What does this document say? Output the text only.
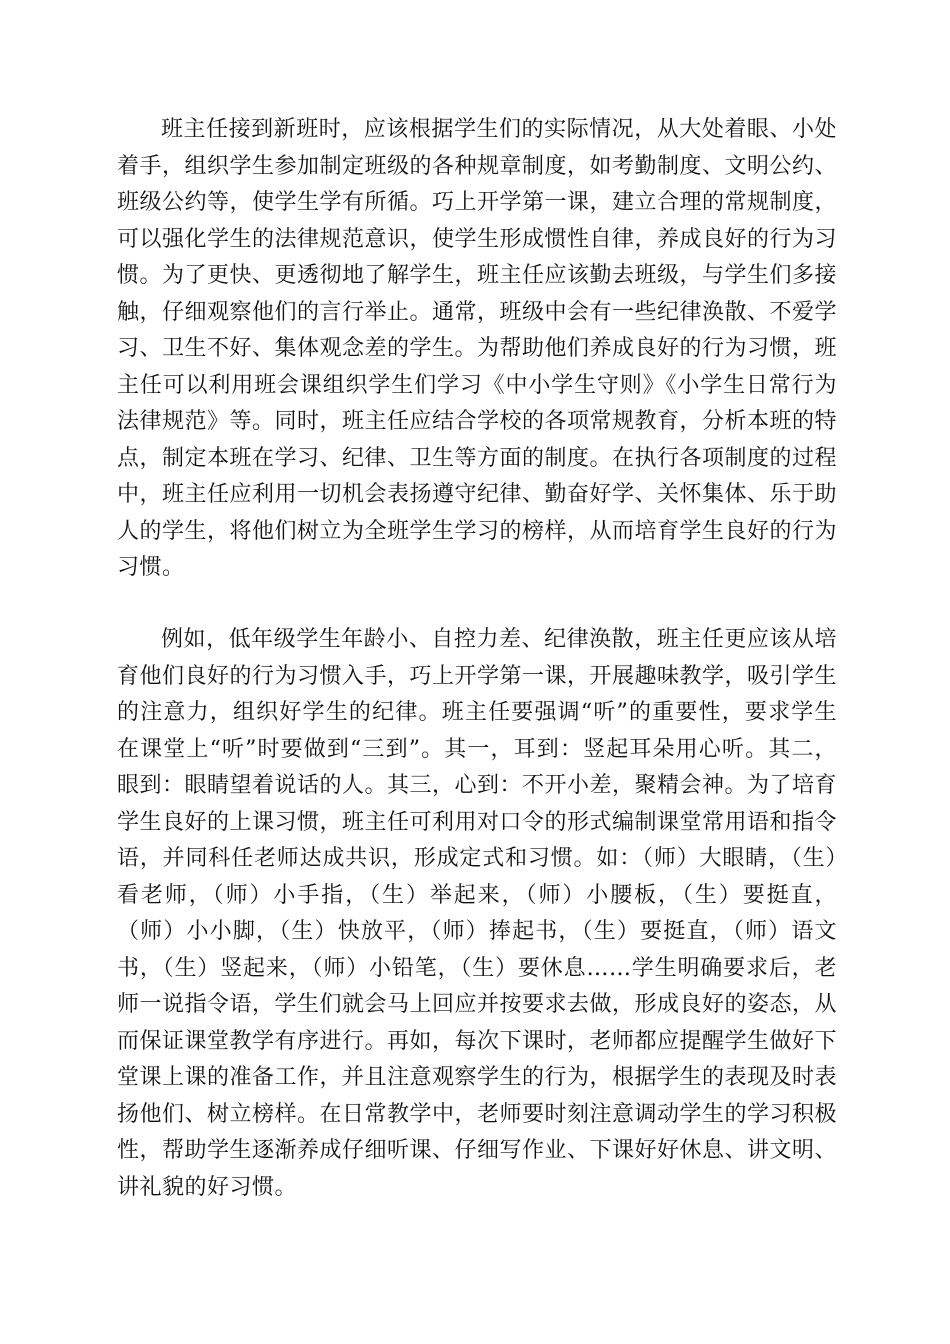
班主任接到新班时，应该根据学生们的实际情况，从大处着眼、小处着手，组织学生参加制定班级的各种规章制度，如考勤制度、文明公约、班级公约等，使学生学有所循。巧上开学第一课，建立合理的常规制度，可以强化学生的法律规范意识，使学生形成惯性自律，养成良好的行为习惯。为了更快、更透彻地了解学生，班主任应该勤去班级，与学生们多接触，仔细观察他们的言行举止。通常，班级中会有一些纪律涣散、不爱学习、卫生不好、集体观念差的学生。为帮助他们养成良好的行为习惯，班主任可以利用班会课组织学生们学习《中小学生守则》《小学生日常行为法律规范》等。同时，班主任应结合学校的各项常规教育，分析本班的特点，制定本班在学习、纪律、卫生等方面的制度。在执行各项制度的过程中，班主任应利用一切机会表扬遵守纪律、勤奋好学、关怀集体、乐于助人的学生，将他们树立为全班学生学习的榜样，从而培育学生良好的行为习惯。

例如，低年级学生年龄小、自控力差、纪律涣散，班主任更应该从培育他们良好的行为习惯入手，巧上开学第一课，开展趣味教学，吸引学生的注意力，组织好学生的纪律。班主任要强调“听”的重要性，要求学生在课堂上“听”时要做到“三到”。其一，耳到：竖起耳朵用心听。其二，眼到：眼睛望着说话的人。其三，心到：不开小差，聚精会神。为了培育学生良好的上课习惯，班主任可利用对口令的形式编制课堂常用语和指令语，并同科任老师达成共识，形成定式和习惯。如：（师）大眼睛，（生）看老师，（师）小手指，（生）举起来，（师）小腰板，（生）要挺直，（师）小小脚，（生）快放平，（师）捧起书，（生）要挺直，（师）语文书，（生）竖起来，（师）小铅笔，（生）要休息……学生明确要求后，老师一说指令语，学生们就会马上回应并按要求去做，形成良好的姿态，从而保证课堂教学有序进行。再如，每次下课时，老师都应提醒学生做好下堂课上课的准备工作，并且注意观察学生的行为，根据学生的表现及时表扬他们、树立榜样。在日常教学中，老师要时刻注意调动学生的学习积极性，帮助学生逐渐养成仔细听课、仔细写作业、下课好好休息、讲文明、讲礼貌的好习惯。
